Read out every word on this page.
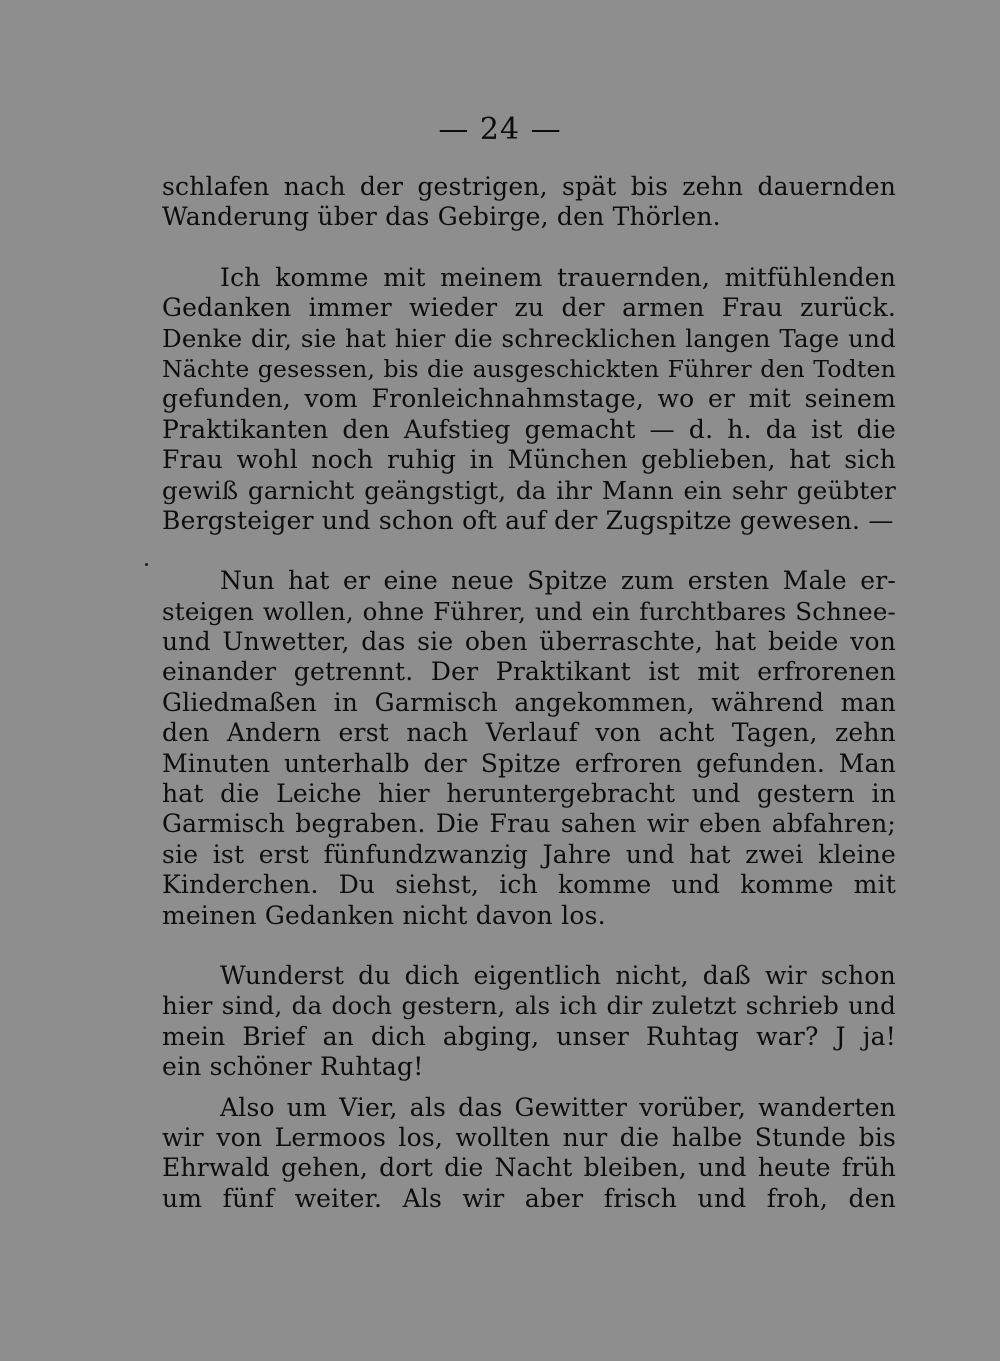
— 24 —
schlafen nach der gestrigen, spät bis zehn dauernden
Wanderung über das Gebirge, den Thörlen.
Ich komme mit meinem trauernden, mitfühlenden
Gedanken immer wieder zu der armen Frau zurück.
Denke dir, sie hat hier die schrecklichen langen Tage und
Nächte gesessen, bis die ausgeschickten Führer den Todten
gefunden, vom Fronleichnahmstage, wo er mit seinem
Praktikanten den Aufstieg gemacht — d. h. da ist die
Frau wohl noch ruhig in München geblieben, hat sich
gewiß garnicht geängstigt, da ihr Mann ein sehr geübter
Bergsteiger und schon oft auf der Zugspitze gewesen. —
Nun hat er eine neue Spitze zum ersten Male er-
steigen wollen, ohne Führer, und ein furchtbares Schnee-
und Unwetter, das sie oben überraschte, hat beide von
einander getrennt. Der Praktikant ist mit erfrorenen
Gliedmaßen in Garmisch angekommen, während man
den Andern erst nach Verlauf von acht Tagen, zehn
Minuten unterhalb der Spitze erfroren gefunden. Man
hat die Leiche hier heruntergebracht und gestern in
Garmisch begraben. Die Frau sahen wir eben abfahren;
sie ist erst fünfundzwanzig Jahre und hat zwei kleine
Kinderchen. Du siehst, ich komme und komme mit
meinen Gedanken nicht davon los.
Wunderst du dich eigentlich nicht, daß wir schon
hier sind, da doch gestern, als ich dir zuletzt schrieb und
mein Brief an dich abging, unser Ruhtag war? J ja!
ein schöner Ruhtag!
Also um Vier, als das Gewitter vorüber, wanderten
wir von Lermoos los, wollten nur die halbe Stunde bis
Ehrwald gehen, dort die Nacht bleiben, und heute früh
um fünf weiter. Als wir aber frisch und froh, den
